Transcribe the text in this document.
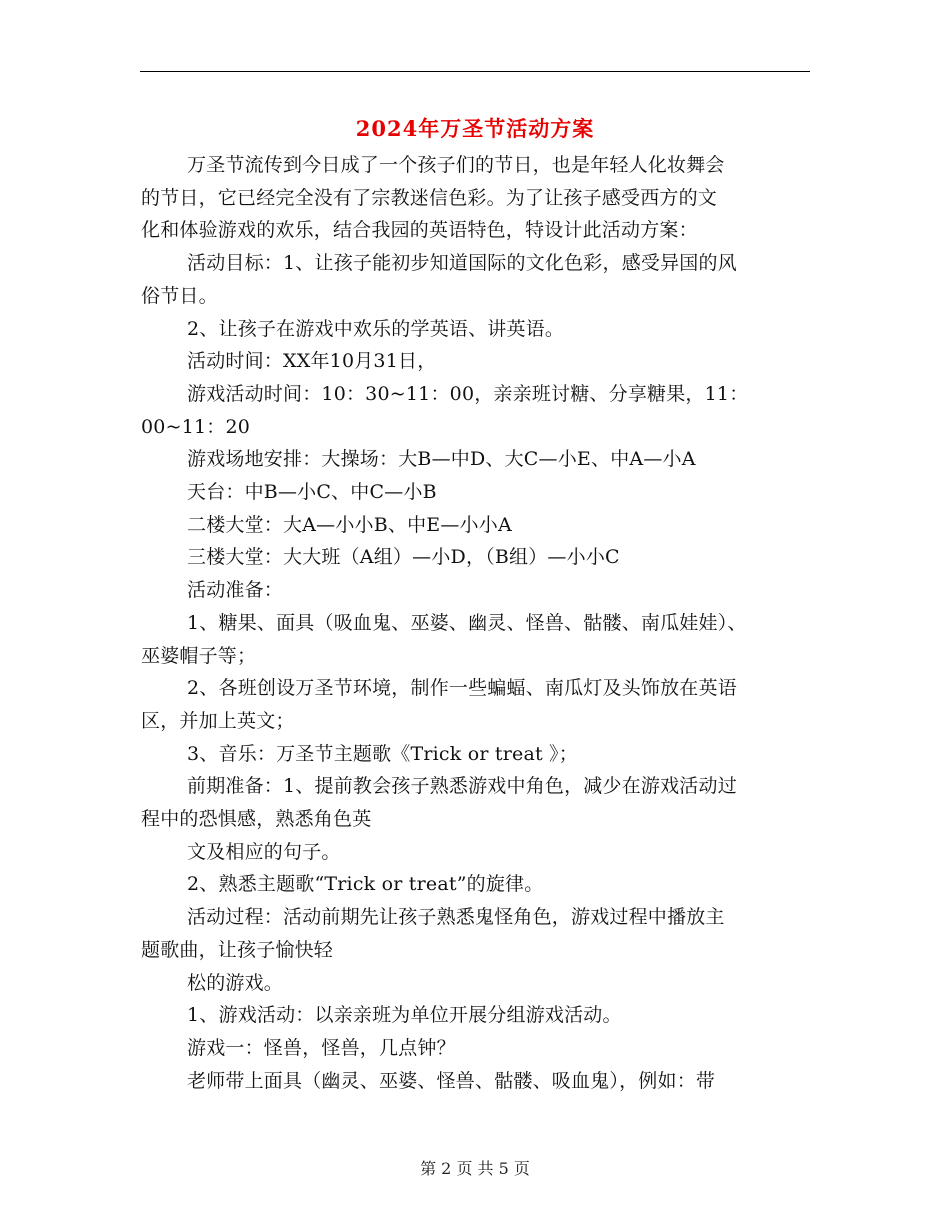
2024年万圣节活动方案
万圣节流传到今日成了一个孩子们的节日，也是年轻人化妆舞会
的节日，它已经完全没有了宗教迷信色彩。为了让孩子感受西方的文
化和体验游戏的欢乐，结合我园的英语特色，特设计此活动方案：
活动目标：1、让孩子能初步知道国际的文化色彩，感受异国的风
俗节日。
2、让孩子在游戏中欢乐的学英语、讲英语。
活动时间：XX年10月31日，
游戏活动时间：10：30~11：00，亲亲班讨糖、分享糖果，11：
00~11：20
游戏场地安排：大操场：大B—中D、大C—小E、中A—小A
天台：中B—小C、中C—小B
二楼大堂：大A—小小B、中E—小小A
三楼大堂：大大班（A组）—小D，（B组）—小小C
活动准备：
1、糖果、面具（吸血鬼、巫婆、幽灵、怪兽、骷髅、南瓜娃娃）、
巫婆帽子等；
2、各班创设万圣节环境，制作一些蝙蝠、南瓜灯及头饰放在英语
区，并加上英文；
3、音乐：万圣节主题歌《Trick or treat 》；
前期准备：1、提前教会孩子熟悉游戏中角色，减少在游戏活动过
程中的恐惧感，熟悉角色英
文及相应的句子。
2、熟悉主题歌“Trick or treat”的旋律。
活动过程：活动前期先让孩子熟悉鬼怪角色，游戏过程中播放主
题歌曲，让孩子愉快轻
松的游戏。
1、游戏活动：以亲亲班为单位开展分组游戏活动。
游戏一：怪兽，怪兽，几点钟？
老师带上面具（幽灵、巫婆、怪兽、骷髅、吸血鬼），例如：带
第 2 页 共 5 页
